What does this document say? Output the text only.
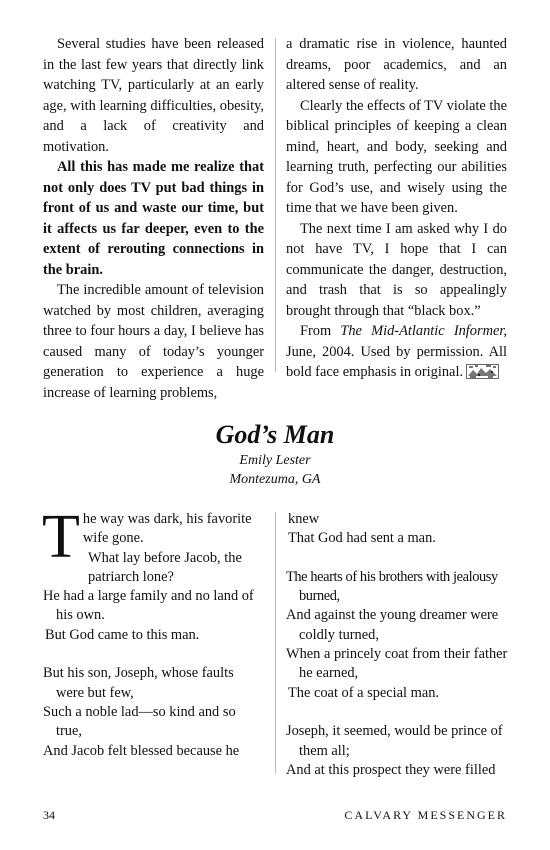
Several studies have been released in the last few years that directly link watching TV, particularly at an early age, with learning difficulties, obesity, and a lack of creativity and motivation.

All this has made me realize that not only does TV put bad things in front of us and waste our time, but it affects us far deeper, even to the extent of rerouting connections in the brain.

The incredible amount of television watched by most children, averaging three to four hours a day, I believe has caused many of today’s younger generation to experience a huge increase of learning problems,

a dramatic rise in violence, haunted dreams, poor academics, and an altered sense of reality.

Clearly the effects of TV violate the biblical principles of keeping a clean mind, heart, and body, seeking and learning truth, perfecting our abilities for God’s use, and wisely using the time that we have been given.

The next time I am asked why I do not have TV, I hope that I can communicate the danger, destruction, and trash that is so appealingly brought through that “black box.”

From The Mid-Atlantic Informer, June, 2004. Used by permission. All bold face emphasis in original.

God’s Man
Emily Lester
Montezuma, GA
T he way was dark, his favorite wife gone.
What lay before Jacob, the patriarch lone?
He had a large family and no land of his own.
But God came to this man.
But his son, Joseph, whose faults were but few,
Such a noble lad—so kind and so true,
And Jacob felt blessed because he
knew
That God had sent a man.
The hearts of his brothers with jealousy burned,
And against the young dreamer were coldly turned,
When a princely coat from their father he earned,
The coat of a special man.
Joseph, it seemed, would be prince of them all;
And at this prospect they were filled
34	CALVARY MESSENGER
